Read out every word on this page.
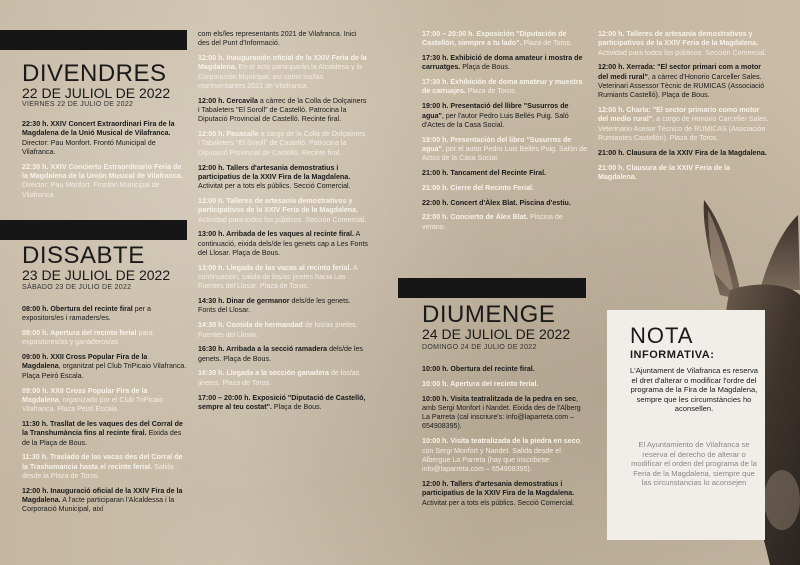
DIVENDRES
22 DE JULIOL DE 2022
VIERNES 22 DE JULIO DE 2022
22:30 h. XXIV Concert Extraordinari Fira de la Magdalena de la Unió Musical de Vilafranca. Director: Pau Monfort. Frontó Municipal de Vilafranca.
22:30 h. XXIV Concierto Extraordinario Feria de la Magdalena de la Unión Musical de Vilafranca. Director: Pau Monfort. Frontón Municipal de Vilafranca.
DISSABTE
23 DE JULIOL DE 2022
SÁBADO 23 DE JULIO DE 2022
08:00 h. Obertura del recinte firal per a expositors/es i ramaders/es.
08:00 h. Apertura del recinto ferial para expositores/as y ganaderos/as
09:00 h. XXII Cross Popular Fira de la Magdalena, organitzat pel Club TriPicaio Vilafranca. Plaça Peiró Escala.
09:00 h. XXII Cross Popular Fira de la Magdalena, organizado por el Club TriPicaio Vilafranca. Plaza Peiró Escala.
11:30 h. Trasllat de les vaques des del Corral de la Transhumància fins al recinte firal. Eixida des de la Plaça de Bous.
11:30 h. Traslado de las vacas des del Corral de la Trashumancia hasta el recinte ferial. Salida desde la Plaza de Toros.
12:00 h. Inauguració oficial de la XXIV Fira de la Magdalena. A l'acte participaran l'Alcaldessa i la Corporació Municipal, així
com els/les representants 2021 de Vilafranca. Inici des del Punt d'Informació.
12:00 h. Inauguración oficial de la XXIV Feria de la Magdalena. En el acto participarán la Alcaldesa y la Corporación Municipal, así como los/las representantes 2021 de Vilafranca.
12:00 h. Cercavila a càrrec de la Colla de Dolçainers i Tabaleters "El Soroll" de Castelló. Patrocina la Diputació Provincial de Castelló. Recinte firal.
12:00 h. Pasacalle a cargo de la Colla de Dolçainers i Tabaleters "El Soroll" de Castelló. Patrocina la Diputació Provincial de Castelló. Recinte firal.
12:00 h. Tallers d'artesania demostratius i participatius de la XXIV Fira de la Magdalena. Activitat per a tots els públics. Secció Comercial.
12:00 h. Talleres de artesanía demostrativos y participativos de la XXIV Feria de la Magdalena. Actividad para todos los públicos. Sección Comercial.
13:00 h. Arribada de les vaques al recinte firal. A continuació, eixida dels/de les genets cap a Les Fonts del Llosar. Plaça de Bous.
13:00 h. Llegada de las vacas al recinto ferial. A continuación, salida de los/as jinetes hacia Las Fuentes del Llosar. Plaza de Toros.
14:30 h. Dinar de germanor dels/de les genets. Fonts del Llosar.
14:30 h. Comida de hermandad de los/as jinetes. Fuentes del Llosar.
16:30 h. Arribada a la secció ramadera dels/de les genets. Plaça de Bous.
16:30 h. Llegada a la sección ganadera de los/as jinetes. Plaza de Toros.
17:00 – 20:00 h. Exposició "Diputació de Castelló, sempre al teu costat". Plaça de Bous.
17:00 – 20:00 h. Exposición "Diputación de Castellón, siempre a tu lado". Plaza de Toros.
17:30 h. Exhibició de doma amateur i mostra de carruatges. Plaça de Bous.
17:30 h. Exhibición de doma amateur y muestra de carruajes. Plaza de Toros.
19:00 h. Presentació del llibre "Susurros de agua", per l'autor Pedro Luis Bellés Puig. Saló d'Actes de la Casa Social.
19:00 h. Presentación del libro "Susurros de agua", por el autor Pedro Luis Bellés Puig. Salón de Actos de la Casa Social.
21:00 h. Tancament del Recinte Firal.
21:00 h. Cierre del Recinto Ferial.
22:00 h. Concert d'Àlex Blat. Piscina d'estiu.
22:00 h. Concierto de Àlex Blat. Piscina de verano.
DIUMENGE
24 DE JULIOL DE 2022
DOMINGO 24 DE JULIO DE 2022
10:00 h. Obertura del recinte firal.
10:00 h. Apertura del recinto ferial.
10:00 h. Visita teatralitzada de la pedra en sec, amb Sergi Monfort i Nandet. Eixida des de l'Alberg La Parreta (cal inscriure's: info@laparreta.com – 654908395).
10:00 h. Visita teatralizada de la piedra en seco, con Sergi Monfort y Nandet. Salida desde el Albergue La Parreta (hay que inscribirse: info@laparreta.com – 654908395).
12:00 h. Tallers d'artesania demostratius i participatius de la XXIV Fira de la Magdalena. Activitat per a tots els públics. Secció Comercial.
12:00 h. Talleres de artesanía demostrativos y participativos de la XXIV Feria de la Magdalena. Actividad para todos los públicos. Sección Comercial.
12:00 h. Xerrada: "El sector primari com a motor del medi rural", a càrrec d'Honorio Carceller Sales. Veterinari Assessor Tècnic de RUMICAS (Associació Rumiants Castelló). Plaça de Bous.
12:00 h. Charla: "El sector primario como motor del medio rural", a cargo de Honorio Carceller Sales. Veterinario Asesor Técnico de RUMICAS (Asociación Rumiantes Castellón). Plaza de Toros.
21:00 h. Clausura de la XXIV Fira de la Magdalena.
21:00 h. Clausura de la XXIV Feria de la Magdalena.
NOTA
INFORMATIVA:
L'Ajuntament de Vilafranca es reserva el dret d'alterar o modificar l'ordre del programa de la Fira de la Magdalena, sempre que les circumstàncies ho aconsellen.
El Ayuntamiento de Vilafranca se reserva el derecho de alterar o modificar el orden del programa de la Feria de la Magdalena, siempre que las circunstancias lo aconsejen
